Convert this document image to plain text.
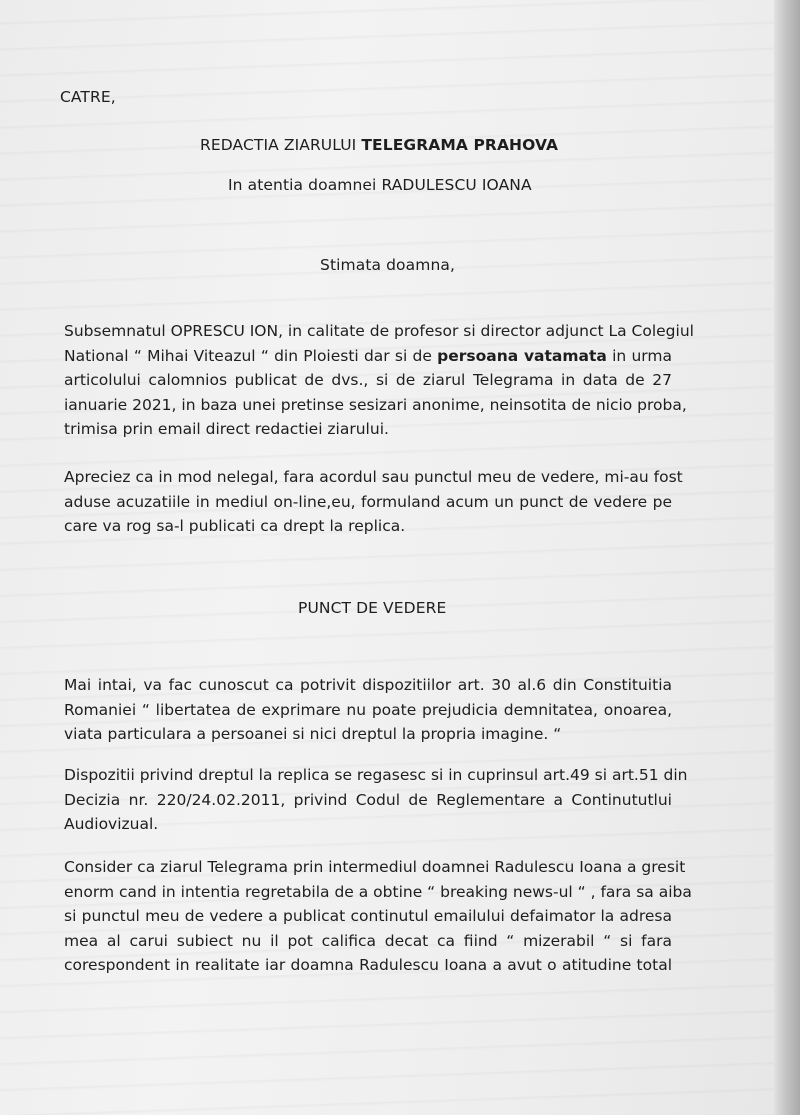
CATRE,
REDACTIA ZIARULUI TELEGRAMA PRAHOVA
In atentia doamnei RADULESCU IOANA
Stimata doamna,
Subsemnatul OPRESCU ION, in calitate de profesor si director adjunct La Colegiul
National “ Mihai Viteazul “ din Ploiesti dar si de persoana vatamata in urma
articolului calomnios publicat de dvs., si de ziarul Telegrama in data de 27
ianuarie 2021, in baza unei pretinse sesizari anonime, neinsotita de nicio proba,
trimisa prin email direct redactiei ziarului.
Apreciez ca in mod nelegal, fara acordul sau punctul meu de vedere, mi-au fost
aduse acuzatiile in mediul on-line,eu, formuland acum un punct de vedere pe
care va rog sa-l publicati ca drept la replica.
PUNCT DE VEDERE
Mai intai, va fac cunoscut ca potrivit dispozitiilor art. 30 al.6 din Constituitia
Romaniei “ libertatea de exprimare nu poate prejudicia demnitatea, onoarea,
viata particulara a persoanei si nici dreptul la propria imagine. “
Dispozitii privind dreptul la replica se regasesc si in cuprinsul art.49 si art.51 din
Decizia nr. 220/24.02.2011, privind Codul de Reglementare a Continututlui
Audiovizual.
Consider ca ziarul Telegrama prin intermediul doamnei Radulescu Ioana a gresit
enorm cand in intentia regretabila de a obtine “ breaking news-ul “ , fara sa aiba
si punctul meu de vedere a publicat continutul emailului defaimator la adresa
mea al carui subiect nu il pot califica decat ca fiind “ mizerabil “ si fara
corespondent in realitate iar doamna Radulescu Ioana a avut o atitudine total
